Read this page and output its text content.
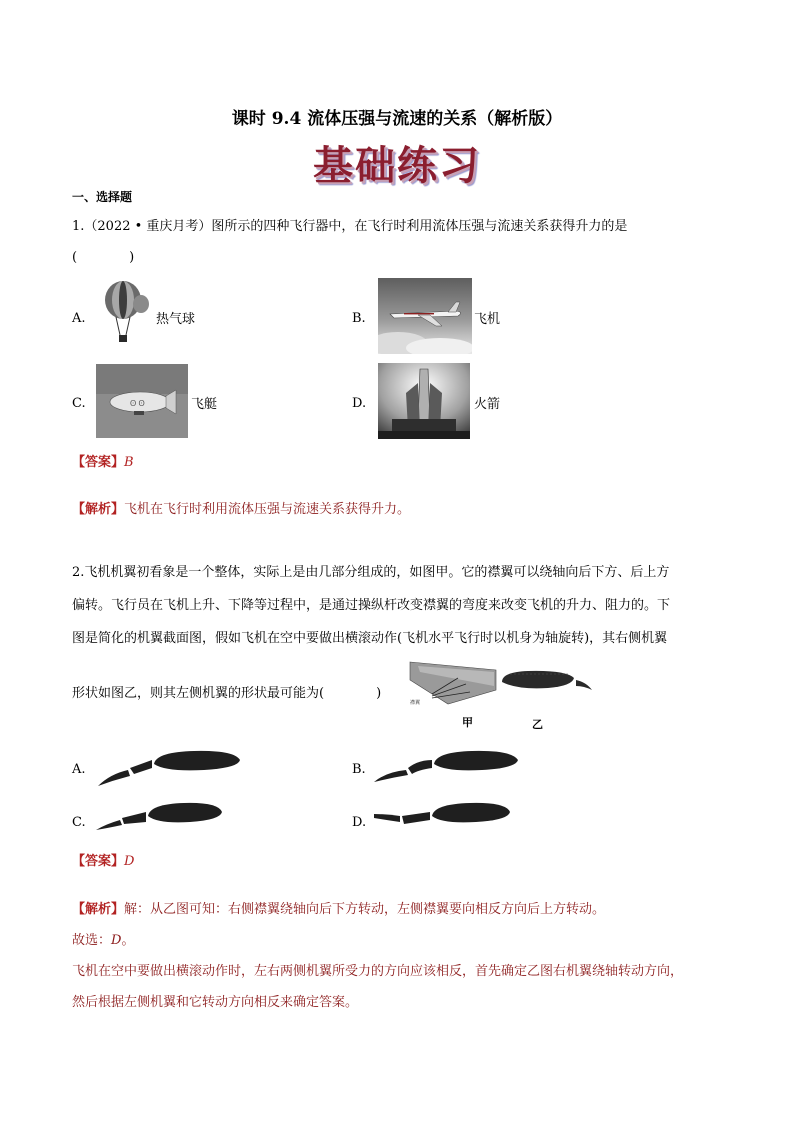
课时 9.4 流体压强与流速的关系（解析版）
基础练习
一、选择题
1.（2022 • 重庆月考）图所示的四种飞行器中，在飞行时利用流体压强与流速关系获得升力的是
(　　　　)
A.	热气球	B.	飞机
C.	ʘ ʘ	飞艇	D.	火箭
【答案】B
【解析】飞机在飞行时利用流体压强与流速关系获得升力。
2.飞机机翼初看象是一个整体，实际上是由几部分组成的，如图甲。它的襟翼可以绕轴向后下方、后上方
偏转。飞行员在飞机上升、下降等过程中，是通过操纵杆改变襟翼的弯度来改变飞机的升力、阻力的。下
图是简化的机翼截面图，假如飞机在空中要做出横滚动作(飞机水平飞行时以机身为轴旋转)，其右侧机翼
形状如图乙，则其左侧机翼的形状最可能为(　　　　)
襟翼
甲	乙
A.	B.
C.	D.
【答案】D
【解析】解：从乙图可知：右侧襟翼绕轴向后下方转动，左侧襟翼要向相反方向后上方转动。
故选：D。
飞机在空中要做出横滚动作时，左右两侧机翼所受力的方向应该相反，首先确定乙图右机翼绕轴转动方向，
然后根据左侧机翼和它转动方向相反来确定答案。
